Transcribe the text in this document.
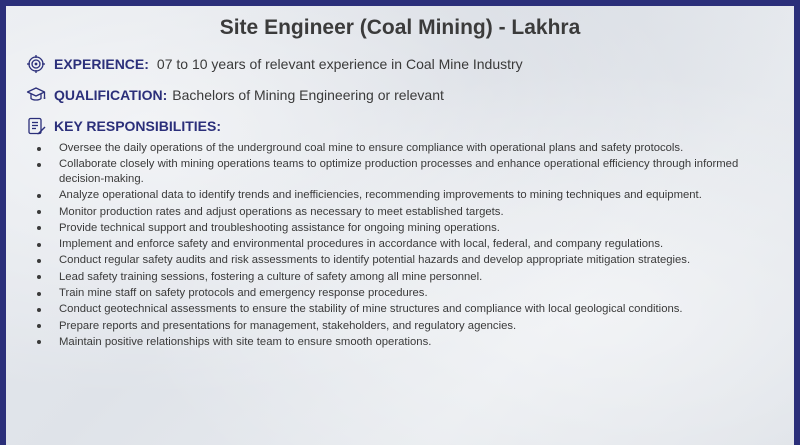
Site Engineer (Coal Mining) - Lakhra
EXPERIENCE: 07 to 10 years of relevant experience in Coal Mine Industry
QUALIFICATION: Bachelors of Mining Engineering or relevant
KEY RESPONSIBILITIES:
Oversee the daily operations of the underground coal mine to ensure compliance with operational plans and safety protocols.
Collaborate closely with mining operations teams to optimize production processes and enhance operational efficiency through informed decision-making.
Analyze operational data to identify trends and inefficiencies, recommending improvements to mining techniques and equipment.
Monitor production rates and adjust operations as necessary to meet established targets.
Provide technical support and troubleshooting assistance for ongoing mining operations.
Implement and enforce safety and environmental procedures in accordance with local, federal, and company regulations.
Conduct regular safety audits and risk assessments to identify potential hazards and develop appropriate mitigation strategies.
Lead safety training sessions, fostering a culture of safety among all mine personnel.
Train mine staff on safety protocols and emergency response procedures.
Conduct geotechnical assessments to ensure the stability of mine structures and compliance with local geological conditions.
Prepare reports and presentations for management, stakeholders, and regulatory agencies.
Maintain positive relationships with site team to ensure smooth operations.
